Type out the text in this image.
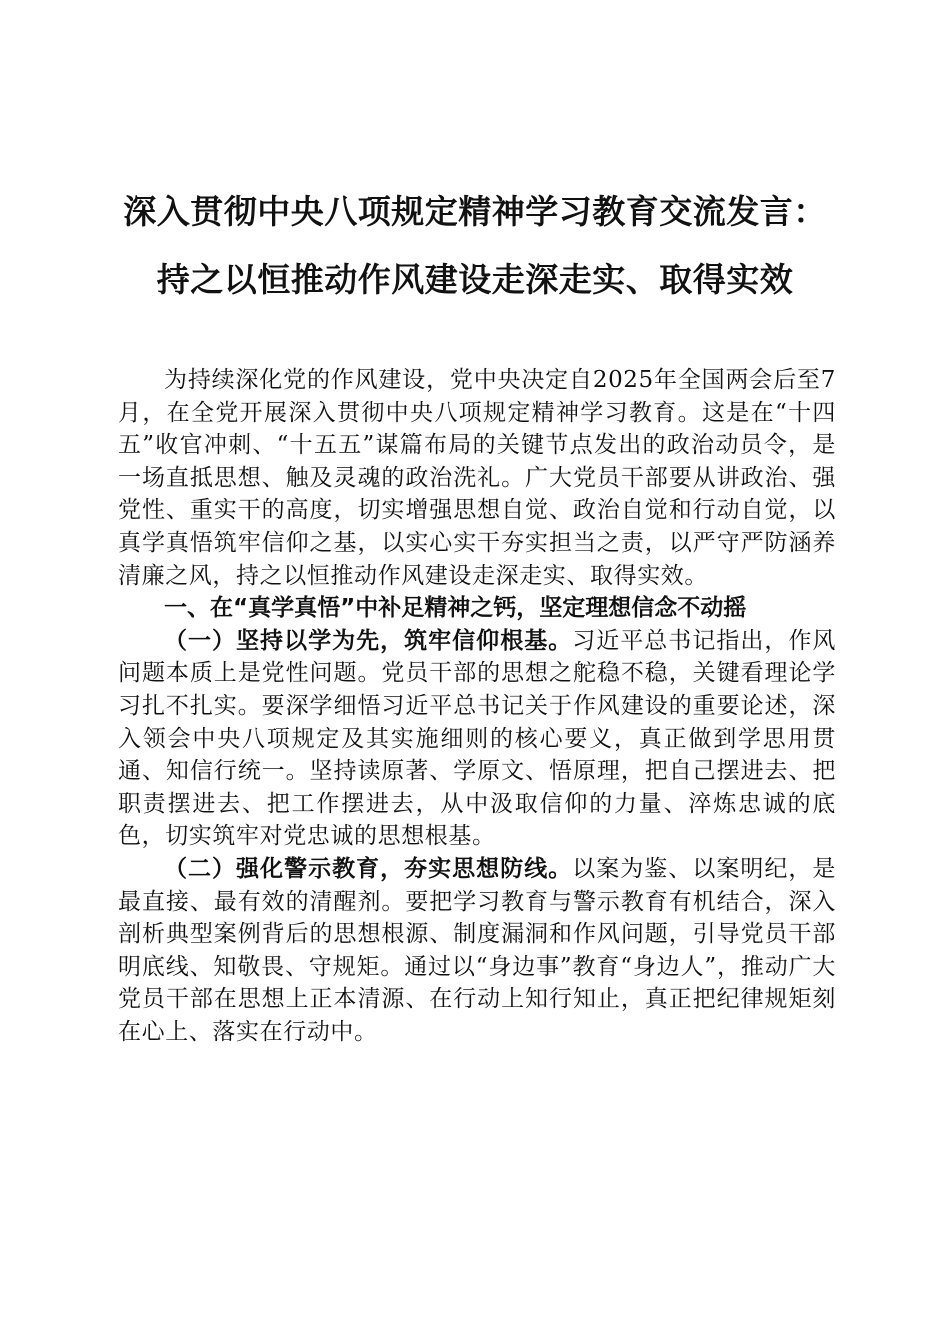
深入贯彻中央八项规定精神学习教育交流发言：
持之以恒推动作风建设走深走实、取得实效

为持续深化党的作风建设，党中央决定自2025年全国两会后至7月，在全党开展深入贯彻中央八项规定精神学习教育。这是在“十四五”收官冲刺、“十五五”谋篇布局的关键节点发出的政治动员令，是一场直抵思想、触及灵魂的政治洗礼。广大党员干部要从讲政治、强党性、重实干的高度，切实增强思想自觉、政治自觉和行动自觉，以真学真悟筑牢信仰之基，以实心实干夯实担当之责，以严守严防涵养清廉之风，持之以恒推动作风建设走深走实、取得实效。

一、在“真学真悟”中补足精神之钙，坚定理想信念不动摇

（一）坚持以学为先，筑牢信仰根基。习近平总书记指出，作风问题本质上是党性问题。党员干部的思想之舵稳不稳，关键看理论学习扎不扎实。要深学细悟习近平总书记关于作风建设的重要论述，深入领会中央八项规定及其实施细则的核心要义，真正做到学思用贯通、知信行统一。坚持读原著、学原文、悟原理，把自己摆进去、把职责摆进去、把工作摆进去，从中汲取信仰的力量、淬炼忠诚的底色，切实筑牢对党忠诚的思想根基。

（二）强化警示教育，夯实思想防线。以案为鉴、以案明纪，是最直接、最有效的清醒剂。要把学习教育与警示教育有机结合，深入剖析典型案例背后的思想根源、制度漏洞和作风问题，引导党员干部明底线、知敬畏、守规矩。通过以“身边事”教育“身边人”，推动广大党员干部在思想上正本清源、在行动上知行知止，真正把纪律规矩刻在心上、落实在行动中。
